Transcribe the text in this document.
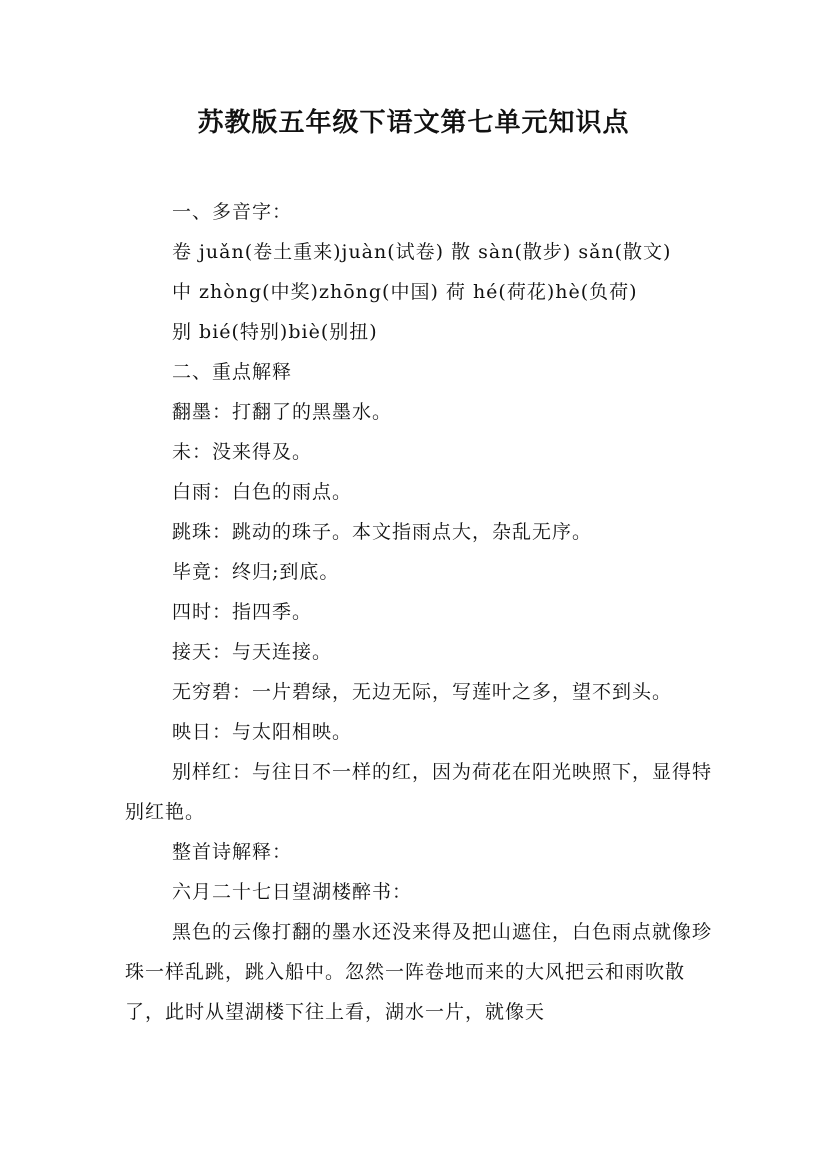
苏教版五年级下语文第七单元知识点

一、多音字：

卷 juǎn(卷土重来)juàn(试卷) 散 sàn(散步) sǎn(散文)

中 zhòng(中奖)zhōng(中国) 荷 hé(荷花)hè(负荷)

别 bié(特别)biè(别扭)

二、重点解释

翻墨：打翻了的黑墨水。

未：没来得及。

白雨：白色的雨点。

跳珠：跳动的珠子。本文指雨点大，杂乱无序。

毕竟：终归;到底。

四时：指四季。

接天：与天连接。

无穷碧：一片碧绿，无边无际，写莲叶之多，望不到头。

映日：与太阳相映。

别样红：与往日不一样的红，因为荷花在阳光映照下，显得特别红艳。

整首诗解释：

六月二十七日望湖楼醉书：

黑色的云像打翻的墨水还没来得及把山遮住，白色雨点就像珍珠一样乱跳，跳入船中。忽然一阵卷地而来的大风把云和雨吹散了，此时从望湖楼下往上看，湖水一片，就像天
